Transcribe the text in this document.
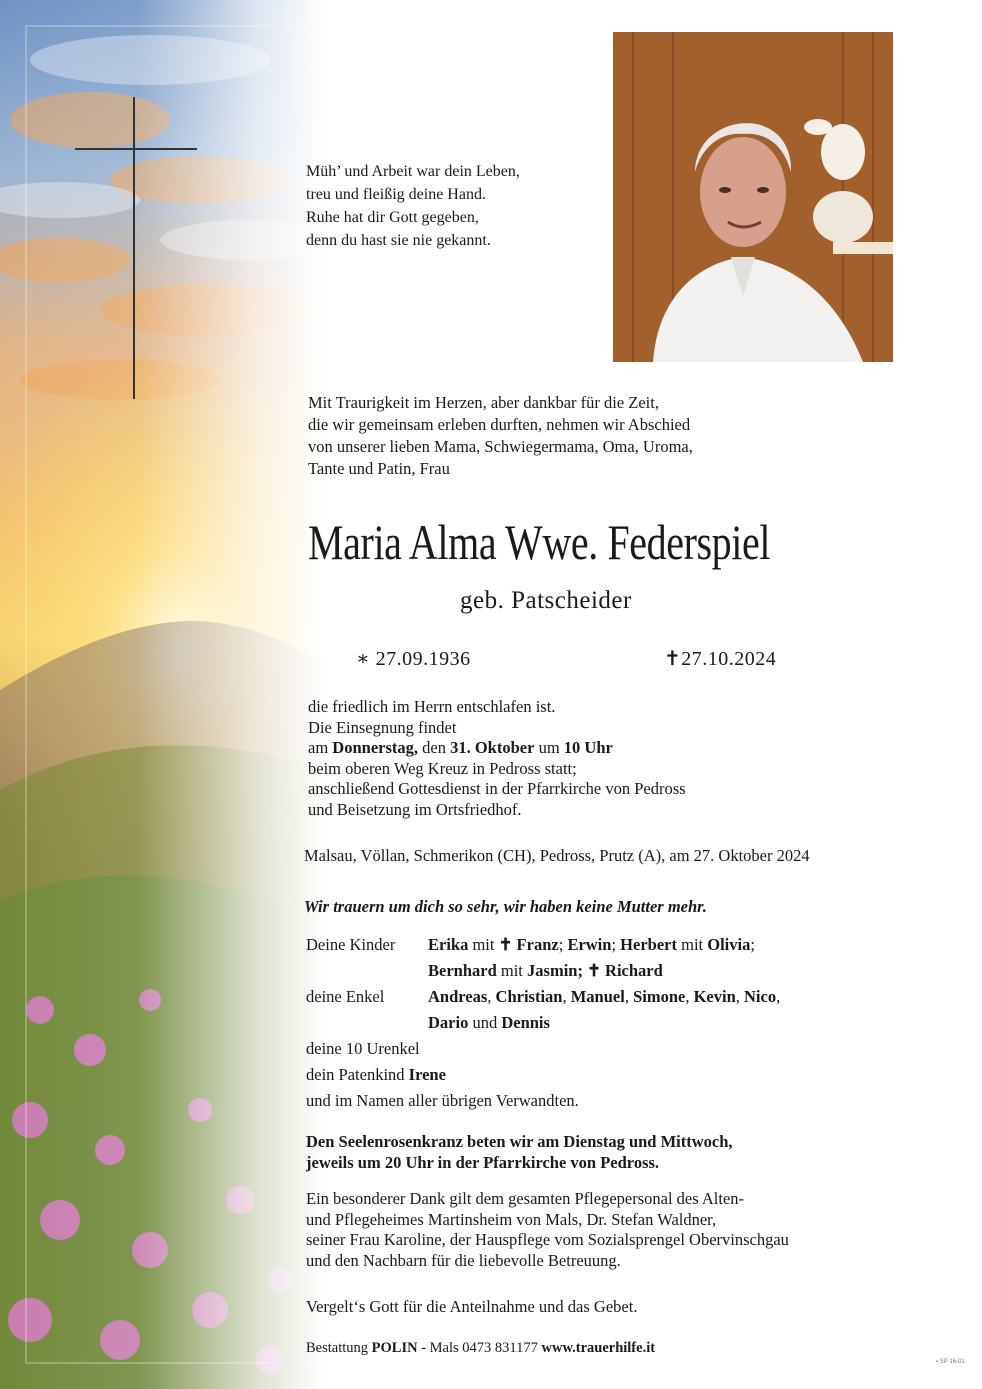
Müh’ und Arbeit war dein Leben,
treu und fleißig deine Hand.
Ruhe hat dir Gott gegeben,
denn du hast sie nie gekannt.
Mit Traurigkeit im Herzen, aber dankbar für die Zeit,
die wir gemeinsam erleben durften, nehmen wir Abschied
von unserer lieben Mama, Schwiegermama, Oma, Uroma,
Tante und Patin, Frau
Maria Alma Wwe. Federspiel
geb. Patscheider
∗ 27.09.1936	✝27.10.2024
die friedlich im Herrn entschlafen ist.
Die Einsegnung findet
am Donnerstag, den 31. Oktober um 10 Uhr
beim oberen Weg Kreuz in Pedross statt;
anschließend Gottesdienst in der Pfarrkirche von Pedross
und Beisetzung im Ortsfriedhof.
Malsau, Völlan, Schmerikon (CH), Pedross, Prutz (A), am 27. Oktober 2024
Wir trauern um dich so sehr, wir haben keine Mutter mehr.
Deine Kinder Erika mit ✝ Franz; Erwin; Herbert mit Olivia;
Bernhard mit Jasmin; ✝ Richard
deine Enkel	Andreas, Christian, Manuel, Simone, Kevin, Nico,
Dario und Dennis
deine 10 Urenkel
dein Patenkind Irene
und im Namen aller übrigen Verwandten.
Den Seelenrosenkranz beten wir am Dienstag und Mittwoch,
jeweils um 20 Uhr in der Pfarrkirche von Pedross.
Ein besonderer Dank gilt dem gesamten Pflegepersonal des Alten-
und Pflegeheimes Martinsheim von Mals, Dr. Stefan Waldner,
seiner Frau Karoline, der Hauspflege vom Sozialsprengel Obervinschgau
und den Nachbarn für die liebevolle Betreuung.
Vergelt‘s Gott für die Anteilnahme und das Gebet.
Bestattung POLIN - Mals 0473 831177 www.trauerhilfe.it
▪ SP 16-01
